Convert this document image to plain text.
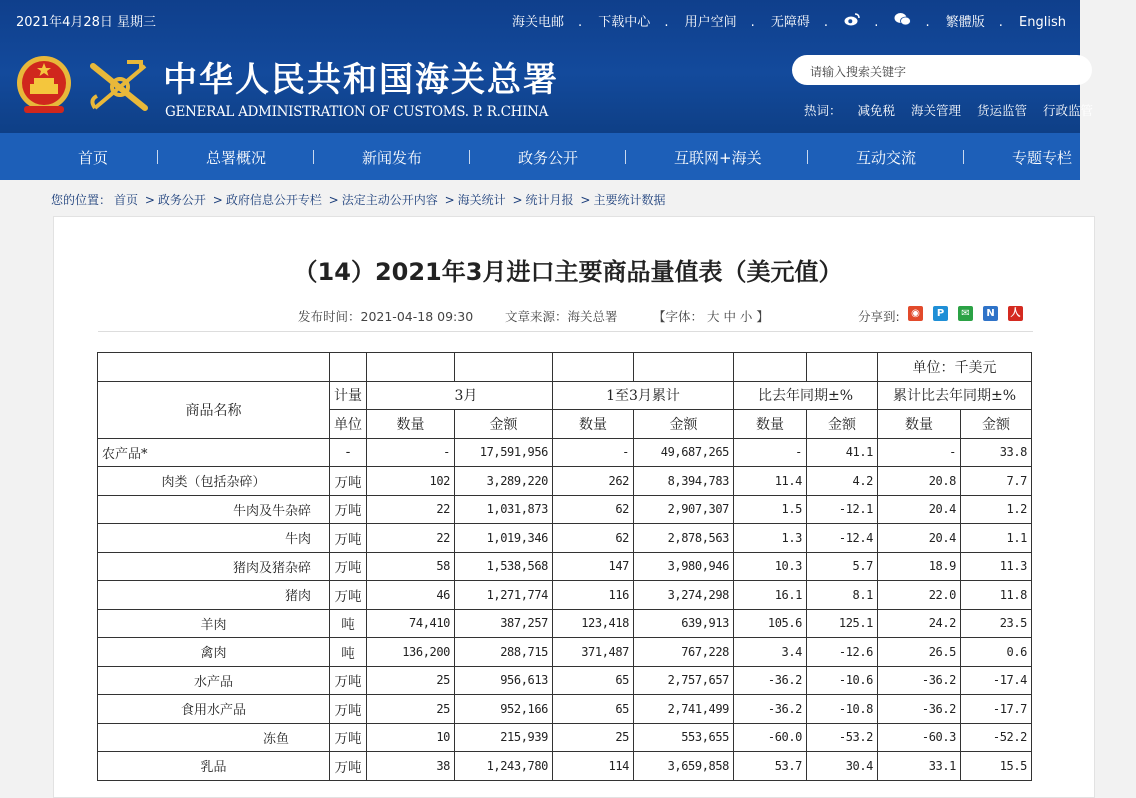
2021年4月28日 星期三	海关电邮 . 下载中心 . 用户空间 . 无障碍 .	.	. 繁體版 . English
中华人民共和国海关总署
GENERAL ADMINISTRATION OF CUSTOMS. P. R.CHINA
请输入搜索关键字
热词： 减免税 海关管理 货运监管 行政监管
首页	总署概况	新闻发布	政务公开	互联网+海关	互动交流	专题专栏
您的位置： 首页 > 政务公开 > 政府信息公开专栏 > 法定主动公开内容 > 海关统计 > 统计月报 > 主要统计数据
（14）2021年3月进口主要商品量值表（美元值）
发布时间：2021-04-18 09:30	文章来源：海关总署	【字体： 大 中 小 】	分享到:	◉	P	✉	N	人
								单位：千美元	
商品名称	计量		3月	1至3月累计		比去年同期±%		累计比去年同期±%	
	单位	数量	金额	数量	金额	数量	金额	数量	金额
农产品*	-	-	17,591,956	-	49,687,265	-	41.1	-	33.8
肉类（包括杂碎）	万吨	102	3,289,220	262	8,394,783	11.4	4.2	20.8	7.7
牛肉及牛杂碎	万吨	22	1,031,873	62	2,907,307	1.5	-12.1	20.4	1.2
牛肉	万吨	22	1,019,346	62	2,878,563	1.3	-12.4	20.4	1.1
猪肉及猪杂碎	万吨	58	1,538,568	147	3,980,946	10.3	5.7	18.9	11.3
猪肉	万吨	46	1,271,774	116	3,274,298	16.1	8.1	22.0	11.8
羊肉	吨	74,410	387,257	123,418	639,913	105.6	125.1	24.2	23.5
禽肉	吨	136,200	288,715	371,487	767,228	3.4	-12.6	26.5	0.6
水产品	万吨	25	956,613	65	2,757,657	-36.2	-10.6	-36.2	-17.4
食用水产品	万吨	25	952,166	65	2,741,499	-36.2	-10.8	-36.2	-17.7
冻鱼	万吨	10	215,939	25	553,655	-60.0	-53.2	-60.3	-52.2
乳品	万吨	38	1,243,780	114	3,659,858	53.7	30.4	33.1	15.5
